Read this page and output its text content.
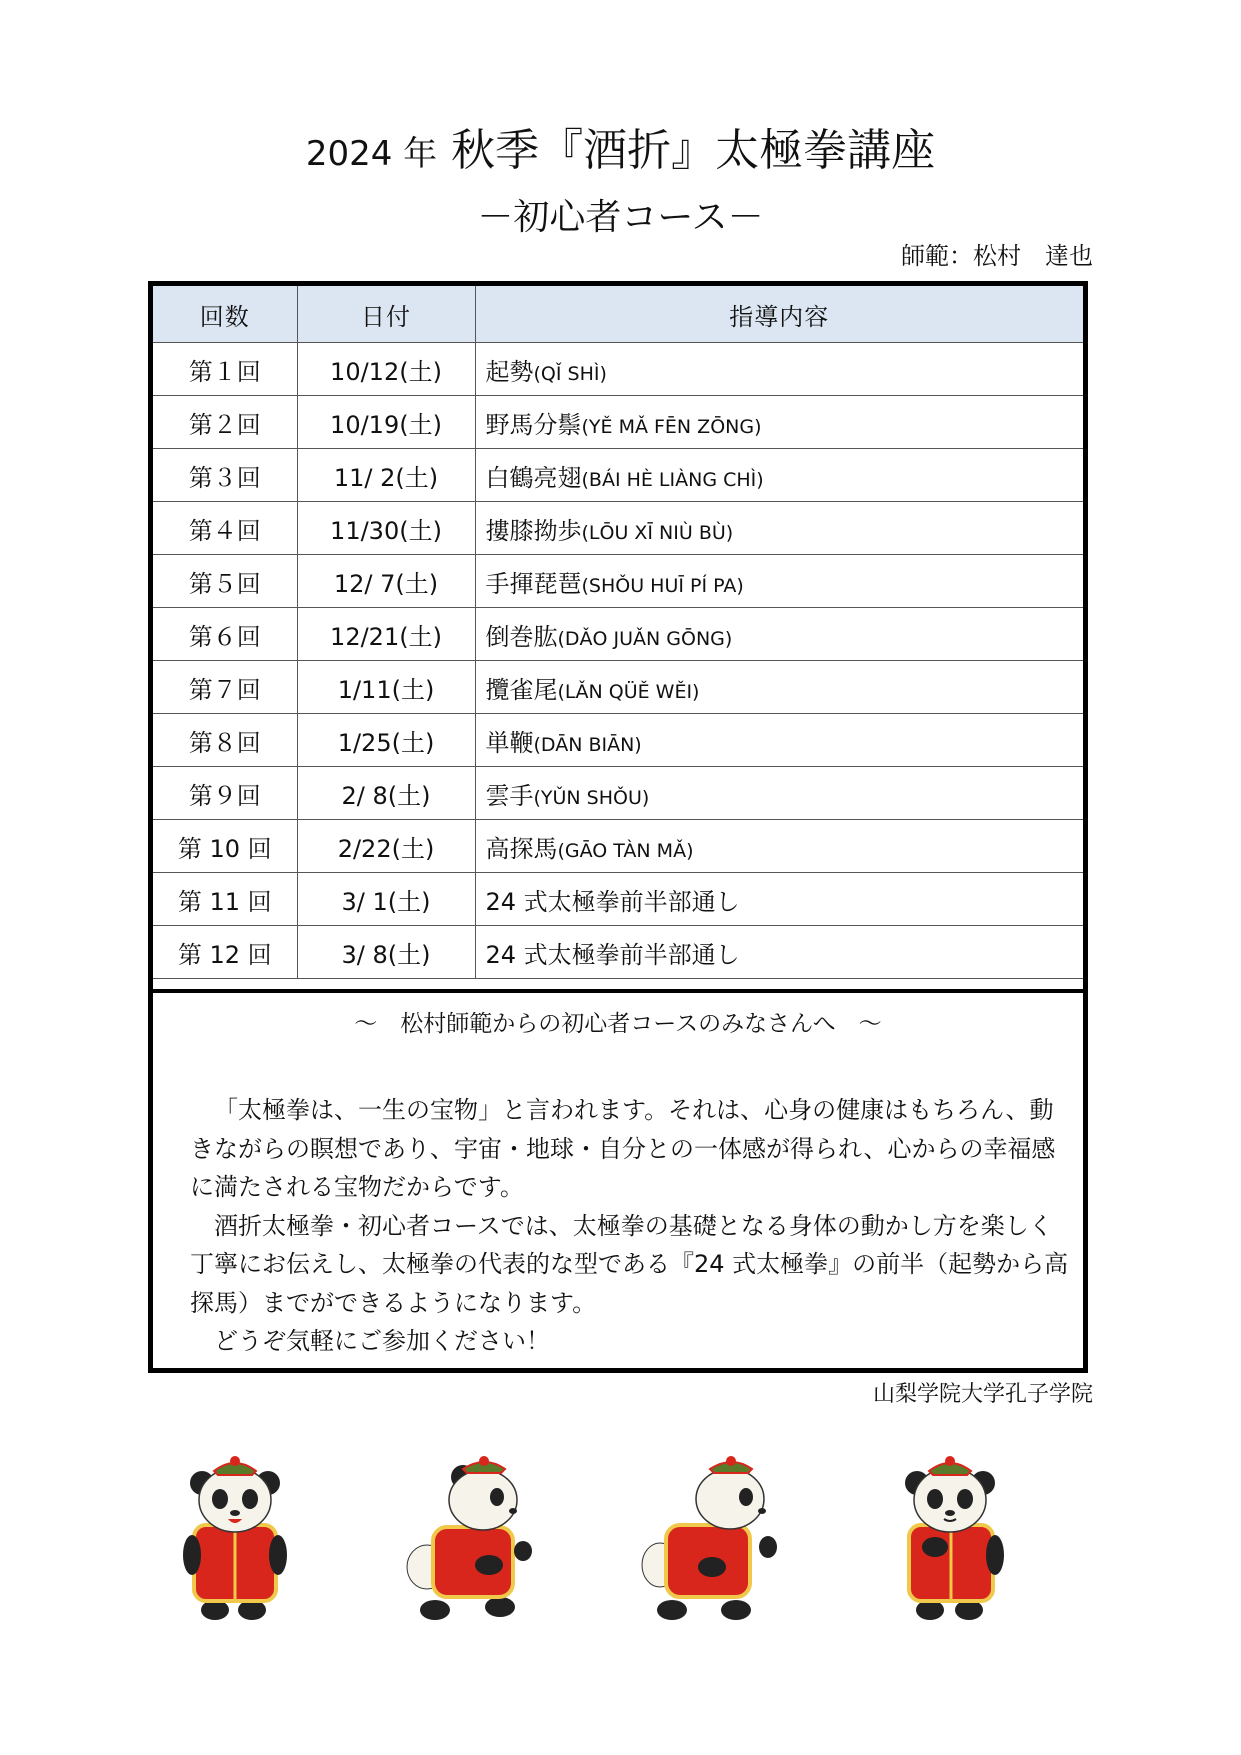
2024 年 秋季『酒折』太極拳講座
－初心者コース－
師範：松村　達也
回数	日付	指導内容
第１回	10/12(土)	起勢(QǏ SHÌ)
第２回	10/19(土)	野馬分鬃(YĚ MǍ FĒN ZŌNG)
第３回	11/ 2(土)	白鶴亮翅(BÁI HÈ LIÀNG CHÌ)
第４回	11/30(土)	摟膝拗歩(LŌU XĪ NIÙ BÙ)
第５回	12/ 7(土)	手揮琵琶(SHǑU HUĪ PÍ PA)
第６回	12/21(土)	倒巻肱(DǍO JUǍN GŌNG)
第７回	1/11(土)	攬雀尾(LǍN QÜĚ WĚI)
第８回	1/25(土)	単鞭(DĀN BIĀN)
第９回	2/ 8(土)	雲手(YǓN SHǑU)
第 10 回	2/22(土)	高探馬(GĀO TÀN MǍ)
第 11 回	3/ 1(土)	24 式太極拳前半部通し
第 12 回	3/ 8(土)	24 式太極拳前半部通し
～　松村師範からの初心者コースのみなさんへ　～

「太極拳は、一生の宝物」と言われます。それは、心身の健康はもちろん、動きながらの瞑想であり、宇宙・地球・自分との一体感が得られ、心からの幸福感に満たされる宝物だからです。

酒折太極拳・初心者コースでは、太極拳の基礎となる身体の動かし方を楽しく丁寧にお伝えし、太極拳の代表的な型である『24 式太極拳』の前半（起勢から高探馬）までができるようになります。

どうぞ気軽にご参加ください！

山梨学院大学孔子学院
